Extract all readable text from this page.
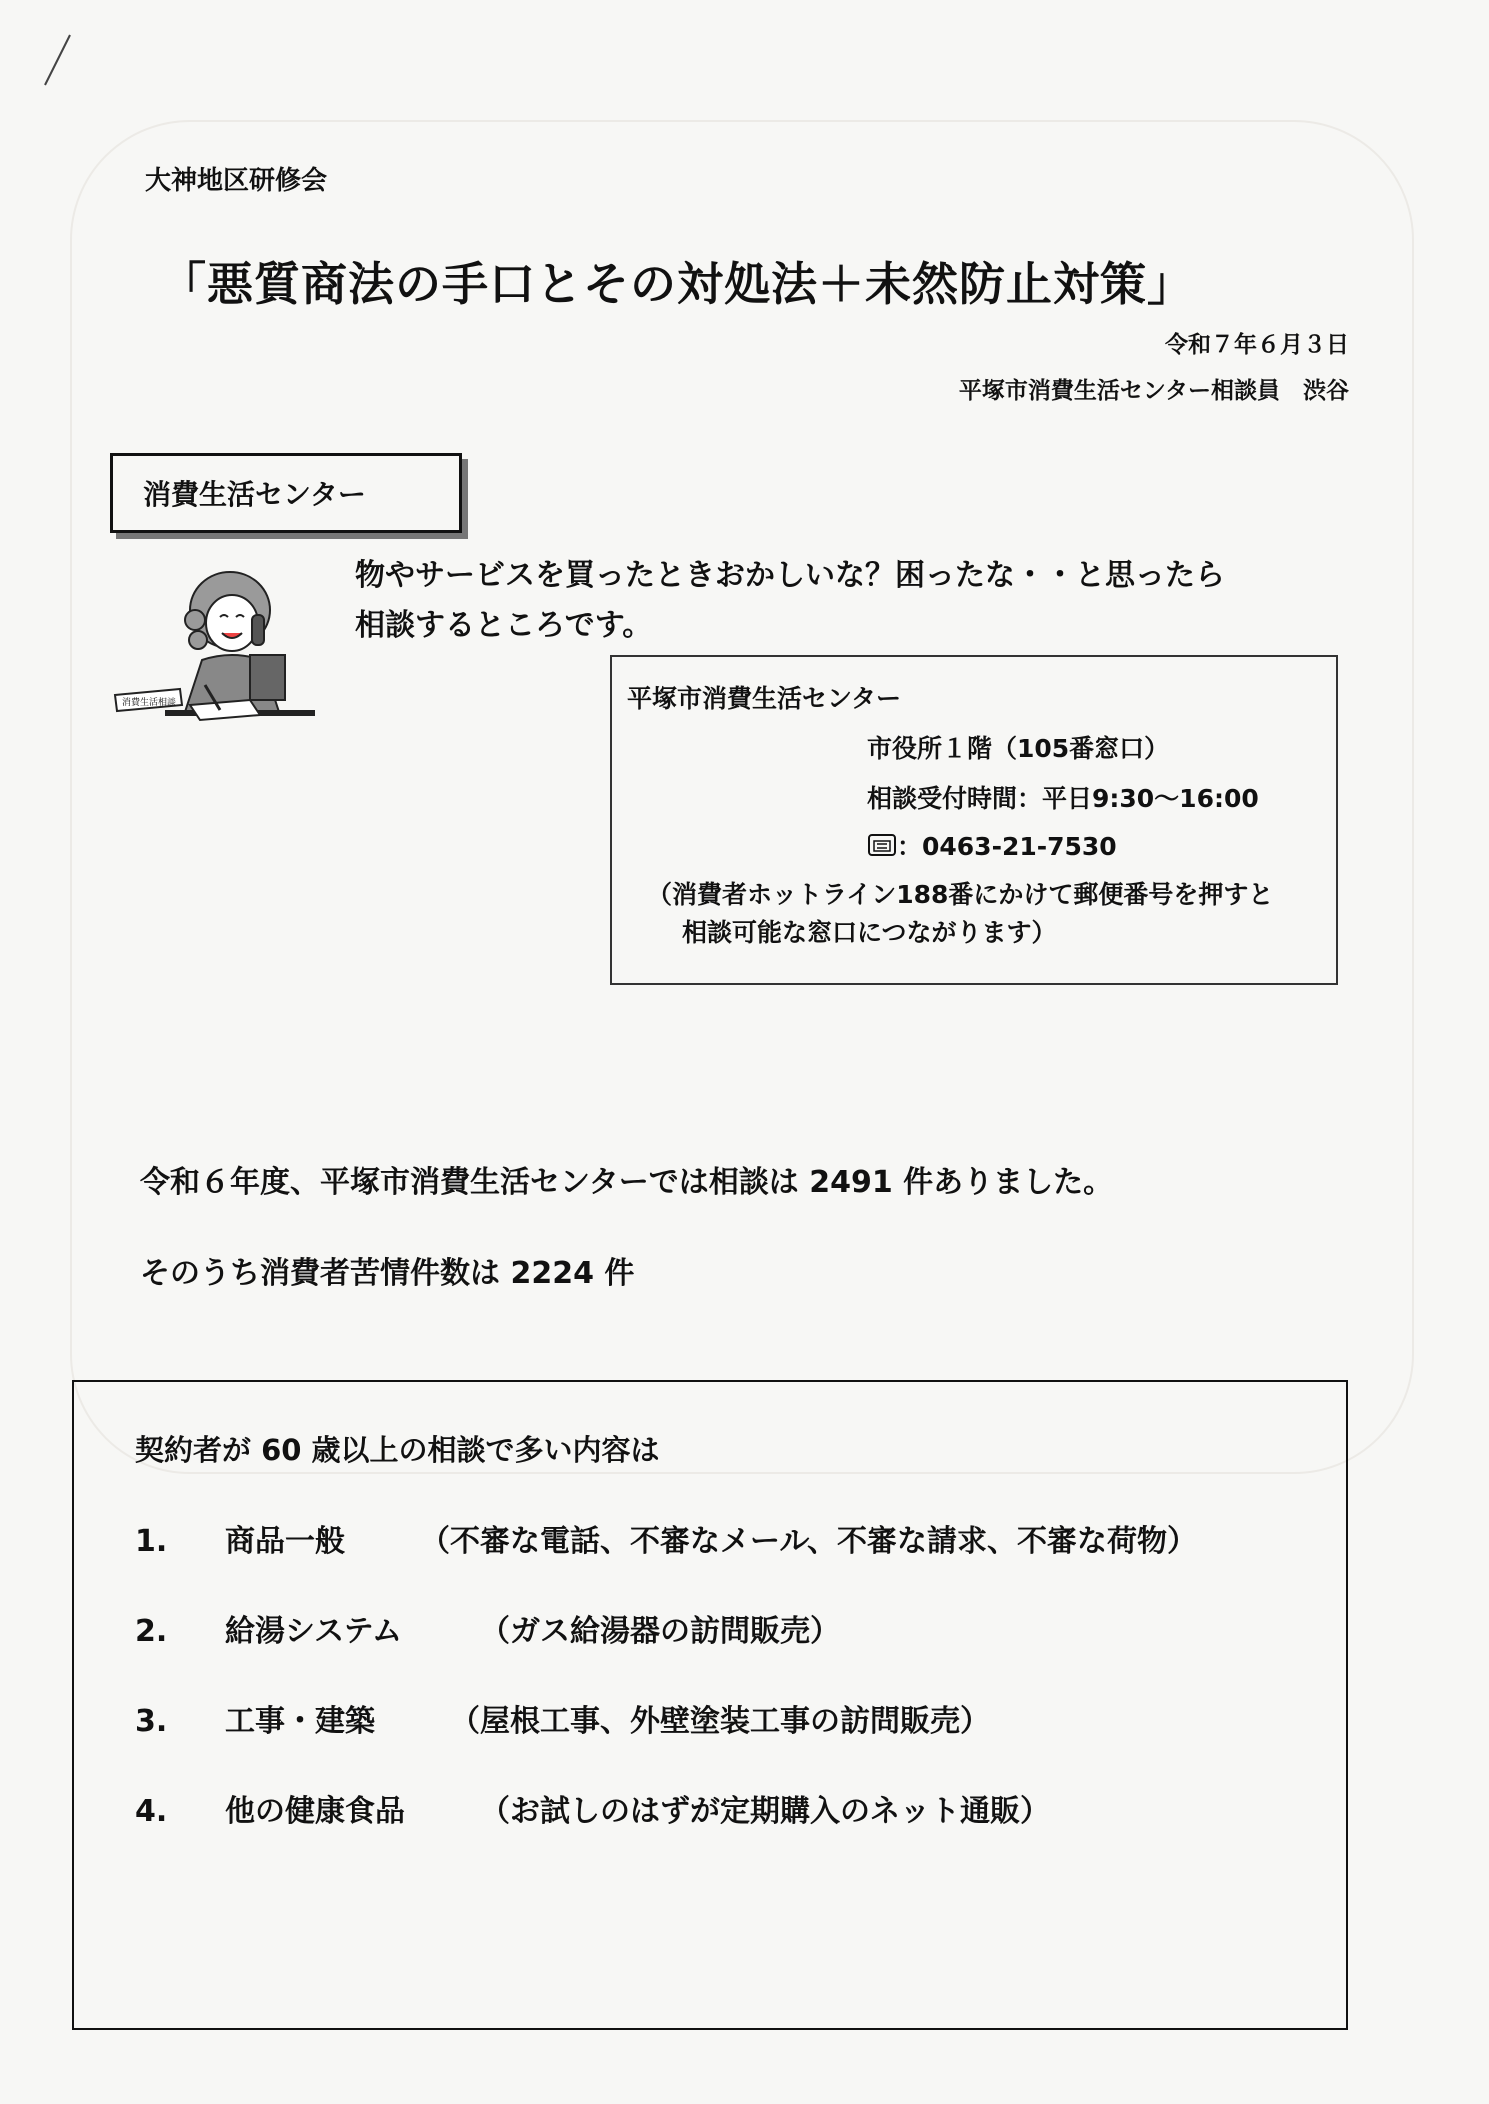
大神地区研修会
「悪質商法の手口とその対処法＋未然防止対策」
令和７年６月３日
平塚市消費生活センター相談員　渋谷
消費生活センター
物やサービスを買ったときおかしいな？困ったな・・と思ったら
相談するところです。
消費生活相談	平塚市消費生活センター
市役所１階（105番窓口）
相談受付時間：平日9:30～16:00
：0463-21-7530
（消費者ホットライン188番にかけて郵便番号を押すと
相談可能な窓口につながります）
令和６年度、平塚市消費生活センターでは相談は 2491 件ありました。
そのうち消費者苦情件数は 2224 件
契約者が 60 歳以上の相談で多い内容は
1. 商品一般	（不審な電話、不審なメール、不審な請求、不審な荷物）
2. 給湯システム	（ガス給湯器の訪問販売）
3. 工事・建築	（屋根工事、外壁塗装工事の訪問販売）
4. 他の健康食品	（お試しのはずが定期購入のネット通販）
